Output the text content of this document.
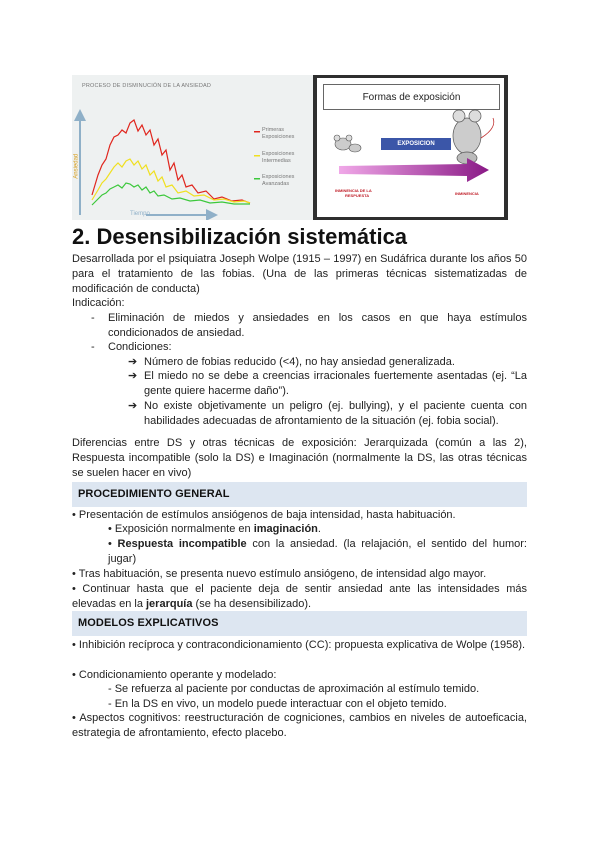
PROCESO DE DISMINUCIÓN DE LA ANSIEDAD
Primeras
Exposiciones
Exposiciones
Intermedias
Exposiciones
Avanzadas
Ansiedad
Tiempo
Formas de exposición
EXPOSICION
INMINENCIA DE LA
RESPUESTA	INMINENCIA
2. Desensibilización sistemática
Desarrollada por el psiquiatra Joseph Wolpe (1915 – 1997) en Sudáfrica durante los años 50 para el tratamiento de las fobias. (Una de las primeras técnicas sistematizadas de modificación de conducta)
Indicación:
- Eliminación de miedos y ansiedades en los casos en que haya estímulos condicionados de ansiedad.
- Condiciones:
➔ Número de fobias reducido (<4), no hay ansiedad generalizada.
➔ El miedo no se debe a creencias irracionales fuertemente asentadas (ej. “La gente quiere hacerme daño”).
➔ No existe objetivamente un peligro (ej. bullying), y el paciente cuenta con habilidades adecuadas de afrontamiento de la situación (ej. fobia social).
Diferencias entre DS y otras técnicas de exposición: Jerarquizada (común a las 2), Respuesta incompatible (solo la DS) e Imaginación (normalmente la DS, las otras técnicas se suelen hacer en vivo)
PROCEDIMIENTO GENERAL
• Presentación de estímulos ansiógenos de baja intensidad, hasta habituación.
• Exposición normalmente en imaginación.
• Respuesta incompatible con la ansiedad. (la relajación, el sentido del humor: jugar)
• Tras habituación, se presenta nuevo estímulo ansiógeno, de intensidad algo mayor.
• Continuar hasta que el paciente deja de sentir ansiedad ante las intensidades más elevadas en la jerarquía (se ha desensibilizado).
MODELOS EXPLICATIVOS
• Inhibición recíproca y contracondicionamiento (CC): propuesta explicativa de Wolpe (1958).
• Condicionamiento operante y modelado:
- Se refuerza al paciente por conductas de aproximación al estímulo temido.
- En la DS en vivo, un modelo puede interactuar con el objeto temido.
• Aspectos cognitivos: reestructuración de cogniciones, cambios en niveles de autoeficacia, estrategia de afrontamiento, efecto placebo.
